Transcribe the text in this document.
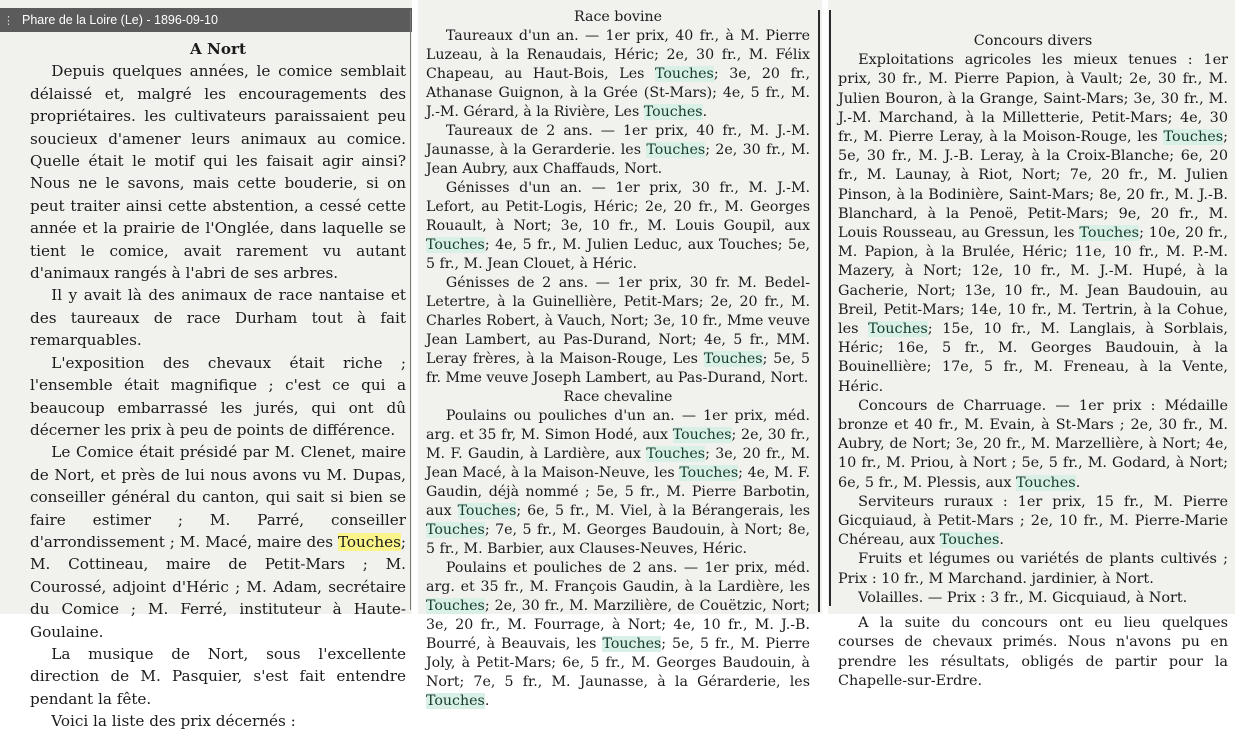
⋮ Phare de la Loire (Le) - 1896-09-10

A Nort

Depuis quelques années, le comice semblait délaissé et, malgré les encouragements des propriétaires. les cultivateurs paraissaient peu soucieux d'amener leurs animaux au comice. Quelle était le motif qui les faisait agir ainsi? Nous ne le savons, mais cette bouderie, si on peut traiter ainsi cette abstention, a cessé cette année et la prairie de l'Onglée, dans laquelle se tient le comice, avait rarement vu autant d'animaux rangés à l'abri de ses arbres.

Il y avait là des animaux de race nantaise et des taureaux de race Durham tout à fait remarquables.

L'exposition des chevaux était riche ; l'ensemble était magnifique ; c'est ce qui a beaucoup embarrassé les jurés, qui ont dû décerner les prix à peu de points de différence.

Le Comice était présidé par M. Clenet, maire de Nort, et près de lui nous avons vu M. Dupas, conseiller général du canton, qui sait si bien se faire estimer ; M. Parré, conseiller d'arrondissement ; M. Macé, maire des Touches; M. Cottineau, maire de Petit-Mars ; M. Courossé, adjoint d'Héric ; M. Adam, secrétaire du Comice ; M. Ferré, instituteur à Haute-Goulaine.

La musique de Nort, sous l'excellente direction de M. Pasquier, s'est fait entendre pendant la fête.

Voici la liste des prix décernés :

Race bovine

Taureaux d'un an. — 1er prix, 40 fr., à M. Pierre Luzeau, à la Renaudais, Héric; 2e, 30 fr., M. Félix Chapeau, au Haut-Bois, Les Touches; 3e, 20 fr., Athanase Guignon, à la Grée (St-Mars); 4e, 5 fr., M. J.-M. Gérard, à la Rivière, Les Touches.

Taureaux de 2 ans. — 1er prix, 40 fr., M. J.-M. Jaunasse, à la Gerarderie. les Touches; 2e, 30 fr., M. Jean Aubry, aux Chaffauds, Nort.

Génisses d'un an. — 1er prix, 30 fr., M. J.-M. Lefort, au Petit-Logis, Héric; 2e, 20 fr., M. Georges Rouault, à Nort; 3e, 10 fr., M. Louis Goupil, aux Touches; 4e, 5 fr., M. Julien Leduc, aux Touches; 5e, 5 fr., M. Jean Clouet, à Héric.

Génisses de 2 ans. — 1er prix, 30 fr. M. Bedel-Letertre, à la Guinellière, Petit-Mars; 2e, 20 fr., M. Charles Robert, à Vauch, Nort; 3e, 10 fr., Mme veuve Jean Lambert, au Pas-Durand, Nort; 4e, 5 fr., MM. Leray frères, à la Maison-Rouge, Les Touches; 5e, 5 fr. Mme veuve Joseph Lambert, au Pas-Durand, Nort.

Race chevaline

Poulains ou pouliches d'un an. — 1er prix, méd. arg. et 35 fr, M. Simon Hodé, aux Touches; 2e, 30 fr., M. F. Gaudin, à Lardière, aux Touches; 3e, 20 fr., M. Jean Macé, à la Maison-Neuve, les Touches; 4e, M. F. Gaudin, déjà nommé ; 5e, 5 fr., M. Pierre Barbotin, aux Touches; 6e, 5 fr., M. Viel, à la Bérangerais, les Touches; 7e, 5 fr., M. Georges Baudouin, à Nort; 8e, 5 fr., M. Barbier, aux Clauses-Neuves, Héric.

Poulains et pouliches de 2 ans. — 1er prix, méd. arg. et 35 fr., M. François Gaudin, à la Lardière, les Touches; 2e, 30 fr., M. Marzilière, de Couëtzic, Nort; 3e, 20 fr., M. Fourrage, à Nort; 4e, 10 fr., M. J.-B. Bourré, à Beauvais, les Touches; 5e, 5 fr., M. Pierre Joly, à Petit-Mars; 6e, 5 fr., M. Georges Baudouin, à Nort; 7e, 5 fr., M. Jaunasse, à la Gérarderie, les Touches.

Concours divers

Exploitations agricoles les mieux tenues : 1er prix, 30 fr., M. Pierre Papion, à Vault; 2e, 30 fr., M. Julien Bouron, à la Grange, Saint-Mars; 3e, 30 fr., M. J.-M. Marchand, à la Milletterie, Petit-Mars; 4e, 30 fr., M. Pierre Leray, à la Moison-Rouge, les Touches; 5e, 30 fr., M. J.-B. Leray, à la Croix-Blanche; 6e, 20 fr., M. Launay, à Riot, Nort; 7e, 20 fr., M. Julien Pinson, à la Bodinière, Saint-Mars; 8e, 20 fr., M. J.-B. Blanchard, à la Penoë, Petit-Mars; 9e, 20 fr., M. Louis Rousseau, au Gressun, les Touches; 10e, 20 fr., M. Papion, à la Brulée, Héric; 11e, 10 fr., M. P.-M. Mazery, à Nort; 12e, 10 fr., M. J.-M. Hupé, à la Gacherie, Nort; 13e, 10 fr., M. Jean Baudouin, au Breil, Petit-Mars; 14e, 10 fr., M. Tertrin, à la Cohue, les Touches; 15e, 10 fr., M. Langlais, à Sorblais, Héric; 16e, 5 fr., M. Georges Baudouin, à la Bouinellière; 17e, 5 fr., M. Freneau, à la Vente, Héric.

Concours de Charruage. — 1er prix : Médaille bronze et 40 fr., M. Evain, à St-Mars ; 2e, 30 fr., M. Aubry, de Nort; 3e, 20 fr., M. Marzellière, à Nort; 4e, 10 fr., M. Priou, à Nort ; 5e, 5 fr., M. Godard, à Nort; 6e, 5 fr., M. Plessis, aux Touches.

Serviteurs ruraux : 1er prix, 15 fr., M. Pierre Gicquiaud, à Petit-Mars ; 2e, 10 fr., M. Pierre-Marie Chéreau, aux Touches.

Fruits et légumes ou variétés de plants cultivés ; Prix : 10 fr., M Marchand. jardinier, à Nort.

Volailles. — Prix : 3 fr., M. Gicquiaud, à Nort.

A la suite du concours ont eu lieu quelques courses de chevaux primés. Nous n'avons pu en prendre les résultats, obligés de partir pour la Chapelle-sur-Erdre.
